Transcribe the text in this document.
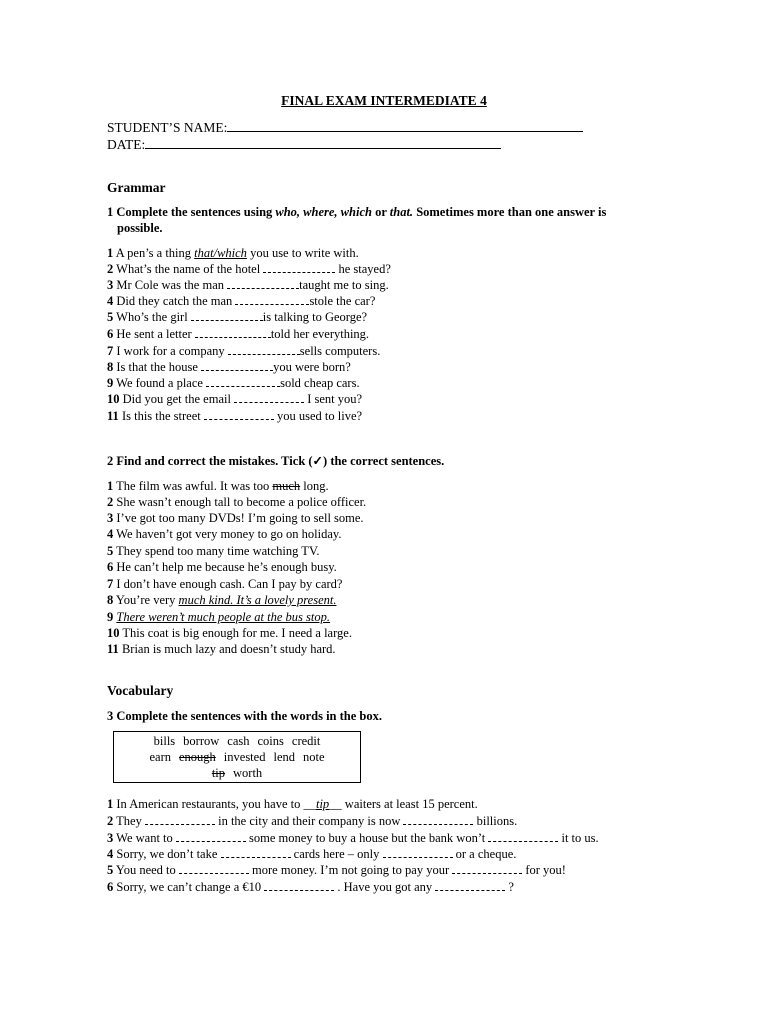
FINAL EXAM INTERMEDIATE 4
STUDENT’S NAME:
DATE:
Grammar
1 Complete the sentences using who, where, which or that. Sometimes more than one answer is
possible.
1 A pen’s a thing that/which you use to write with.
2 What’s the name of the hotel	he stayed?
3 Mr Cole was the man	taught me to sing.
4 Did they catch the man	stole the car?
5 Who’s the girl	is talking to George?
6 He sent a letter	told her everything.
7 I work for a company	sells computers.
8 Is that the house	you were born?
9 We found a place	sold cheap cars.
10 Did you get the email	I sent you?
11 Is this the street	you used to live?
2 Find and correct the mistakes. Tick (✓) the correct sentences.
1 The film was awful. It was too much long.
2 She wasn’t enough tall to become a police officer.
3 I’ve got too many DVDs! I’m going to sell some.
4 We haven’t got very money to go on holiday.
5 They spend too many time watching TV.
6 He can’t help me because he’s enough busy.
7 I don’t have enough cash. Can I pay by card?
8 You’re very much kind. It’s a lovely present.
9 There weren’t much people at the bus stop.
10 This coat is big enough for me. I need a large.
11 Brian is much lazy and doesn’t study hard.
Vocabulary
3 Complete the sentences with the words in the box.
bills borrow cash coins credit
earn enough invested lend note
tip worth
1 In American restaurants, you have to __tip__ waiters at least 15 percent.
2 They	in the city and their company is now	billions.
3 We want to	some money to buy a house but the bank won’t	it to us.
4 Sorry, we don’t take	cards here – only	or a cheque.
5 You need to	more money. I’m not going to pay your	for you!
6 Sorry, we can’t change a €10	. Have you got any	?
